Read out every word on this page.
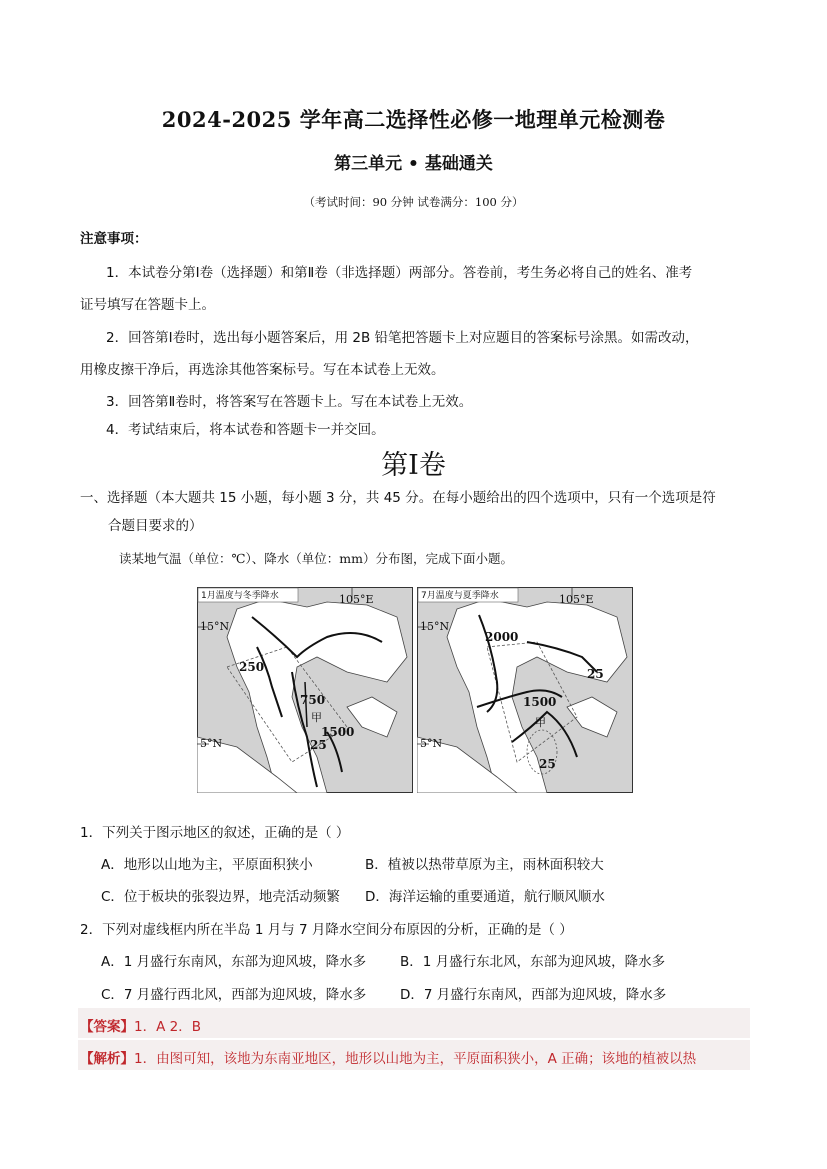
2024-2025 学年高二选择性必修一地理单元检测卷
第三单元 • 基础通关
（考试时间：90 分钟 试卷满分：100 分）
注意事项：
1．本试卷分第Ⅰ卷（选择题）和第Ⅱ卷（非选择题）两部分。答卷前，考生务必将自己的姓名、准考
证号填写在答题卡上。
2．回答第Ⅰ卷时，选出每小题答案后，用 2B 铅笔把答题卡上对应题目的答案标号涂黑。如需改动，
用橡皮擦干净后，再选涂其他答案标号。写在本试卷上无效。
3．回答第Ⅱ卷时，将答案写在答题卡上。写在本试卷上无效。
4．考试结束后，将本试卷和答题卡一并交回。
第Ⅰ卷
一、选择题（本大题共 15 小题，每小题 3 分，共 45 分。在每小题给出的四个选项中，只有一个选项是符
合题目要求的）
读某地气温（单位：℃）、降水（单位：mm）分布图，完成下面小题。
1月温度与冬季降水	105°E
15°N
5°N
250
750
甲
1500
25
7月温度与夏季降水	105°E
15°N
5°N
2000
25
1500
甲
25
1．下列关于图示地区的叙述，正确的是（ ）
A．地形以山地为主，平原面积狭小	B．植被以热带草原为主，雨林面积较大
C．位于板块的张裂边界，地壳活动频繁 D．海洋运输的重要通道，航行顺风顺水
2．下列对虚线框内所在半岛 1 月与 7 月降水空间分布原因的分析，正确的是（ ）
A．1 月盛行东南风，东部为迎风坡，降水多	B．1 月盛行东北风，东部为迎风坡，降水多
C．7 月盛行西北风，西部为迎风坡，降水多 D．7 月盛行东南风，西部为迎风坡，降水多
【答案】1．A 2．B
【解析】1．由图可知，该地为东南亚地区，地形以山地为主，平原面积狭小，A 正确；该地的植被以热
